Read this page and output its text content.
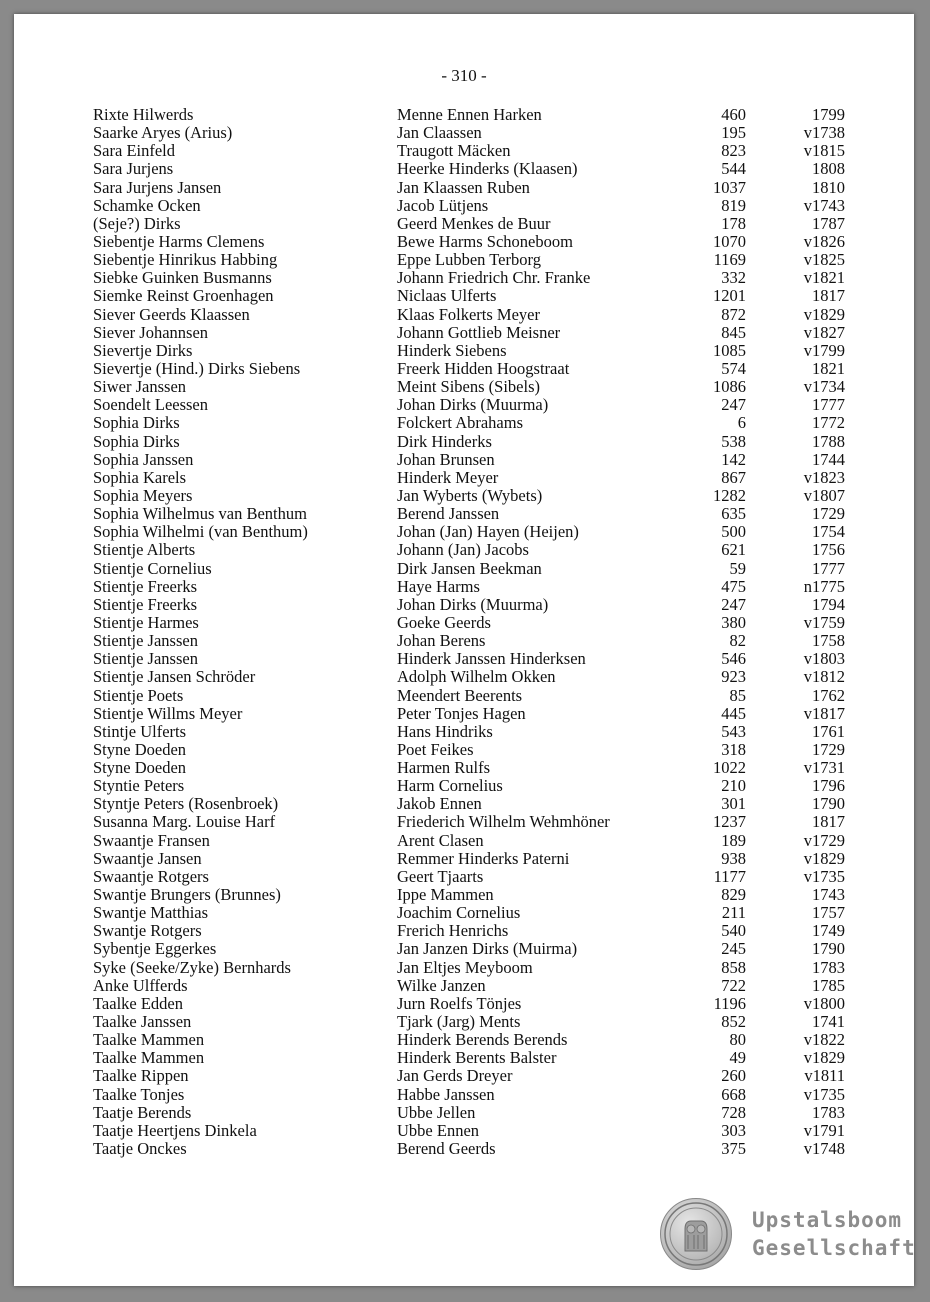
- 310 -
Rixte Hilwerds	Menne Ennen Harken	460	1799
Saarke Aryes (Arius)	Jan Claassen	195	v1738
Sara Einfeld	Traugott Mäcken	823	v1815
Sara Jurjens	Heerke Hinderks (Klaasen)	544	1808
Sara Jurjens Jansen	Jan Klaassen Ruben	1037	1810
Schamke Ocken	Jacob Lütjens	819	v1743
(Seje?) Dirks	Geerd Menkes de Buur	178	1787
Siebentje Harms Clemens	Bewe Harms Schoneboom	1070	v1826
Siebentje Hinrikus Habbing	Eppe Lubben Terborg	1169	v1825
Siebke Guinken Busmanns	Johann Friedrich Chr. Franke	332	v1821
Siemke Reinst Groenhagen	Niclaas Ulferts	1201	1817
Siever Geerds Klaassen	Klaas Folkerts Meyer	872	v1829
Siever Johannsen	Johann Gottlieb Meisner	845	v1827
Sievertje Dirks	Hinderk Siebens	1085	v1799
Sievertje (Hind.) Dirks Siebens	Freerk Hidden Hoogstraat	574	1821
Siwer Janssen	Meint Sibens (Sibels)	1086	v1734
Soendelt Leessen	Johan Dirks (Muurma)	247	1777
Sophia Dirks	Folckert Abrahams	6	1772
Sophia Dirks	Dirk Hinderks	538	1788
Sophia Janssen	Johan Brunsen	142	1744
Sophia Karels	Hinderk Meyer	867	v1823
Sophia Meyers	Jan Wyberts (Wybets)	1282	v1807
Sophia Wilhelmus van Benthum	Berend Janssen	635	1729
Sophia Wilhelmi (van Benthum)	Johan (Jan) Hayen (Heijen)	500	1754
Stientje Alberts	Johann (Jan) Jacobs	621	1756
Stientje Cornelius	Dirk Jansen Beekman	59	1777
Stientje Freerks	Haye Harms	475	n1775
Stientje Freerks	Johan Dirks (Muurma)	247	1794
Stientje Harmes	Goeke Geerds	380	v1759
Stientje Janssen	Johan Berens	82	1758
Stientje Janssen	Hinderk Janssen Hinderksen	546	v1803
Stientje Jansen Schröder	Adolph Wilhelm Okken	923	v1812
Stientje Poets	Meendert Beerents	85	1762
Stientje Willms Meyer	Peter Tonjes Hagen	445	v1817
Stintje Ulferts	Hans Hindriks	543	1761
Styne Doeden	Poet Feikes	318	1729
Styne Doeden	Harmen Rulfs	1022	v1731
Styntie Peters	Harm Cornelius	210	1796
Styntje Peters (Rosenbroek)	Jakob Ennen	301	1790
Susanna Marg. Louise Harf	Friederich Wilhelm Wehmhöner	1237	1817
Swaantje Fransen	Arent Clasen	189	v1729
Swaantje Jansen	Remmer Hinderks Paterni	938	v1829
Swaantje Rotgers	Geert Tjaarts	1177	v1735
Swantje Brungers (Brunnes)	Ippe Mammen	829	1743
Swantje Matthias	Joachim Cornelius	211	1757
Swantje Rotgers	Frerich Henrichs	540	1749
Sybentje Eggerkes	Jan Janzen Dirks (Muirma)	245	1790
Syke (Seeke/Zyke) Bernhards	Jan Eltjes Meyboom	858	1783
Anke Ulfferds	Wilke Janzen	722	1785
Taalke Edden	Jurn Roelfs Tönjes	1196	v1800
Taalke Janssen	Tjark (Jarg) Ments	852	1741
Taalke Mammen	Hinderk Berends Berends	80	v1822
Taalke Mammen	Hinderk Berents Balster	49	v1829
Taalke Rippen	Jan Gerds Dreyer	260	v1811
Taalke Tonjes	Habbe Janssen	668	v1735
Taatje Berends	Ubbe Jellen	728	1783
Taatje Heertjens Dinkela	Ubbe Ennen	303	v1791
Taatje Onckes	Berend Geerds	375	v1748
Upstalsboom
Gesellschaft
